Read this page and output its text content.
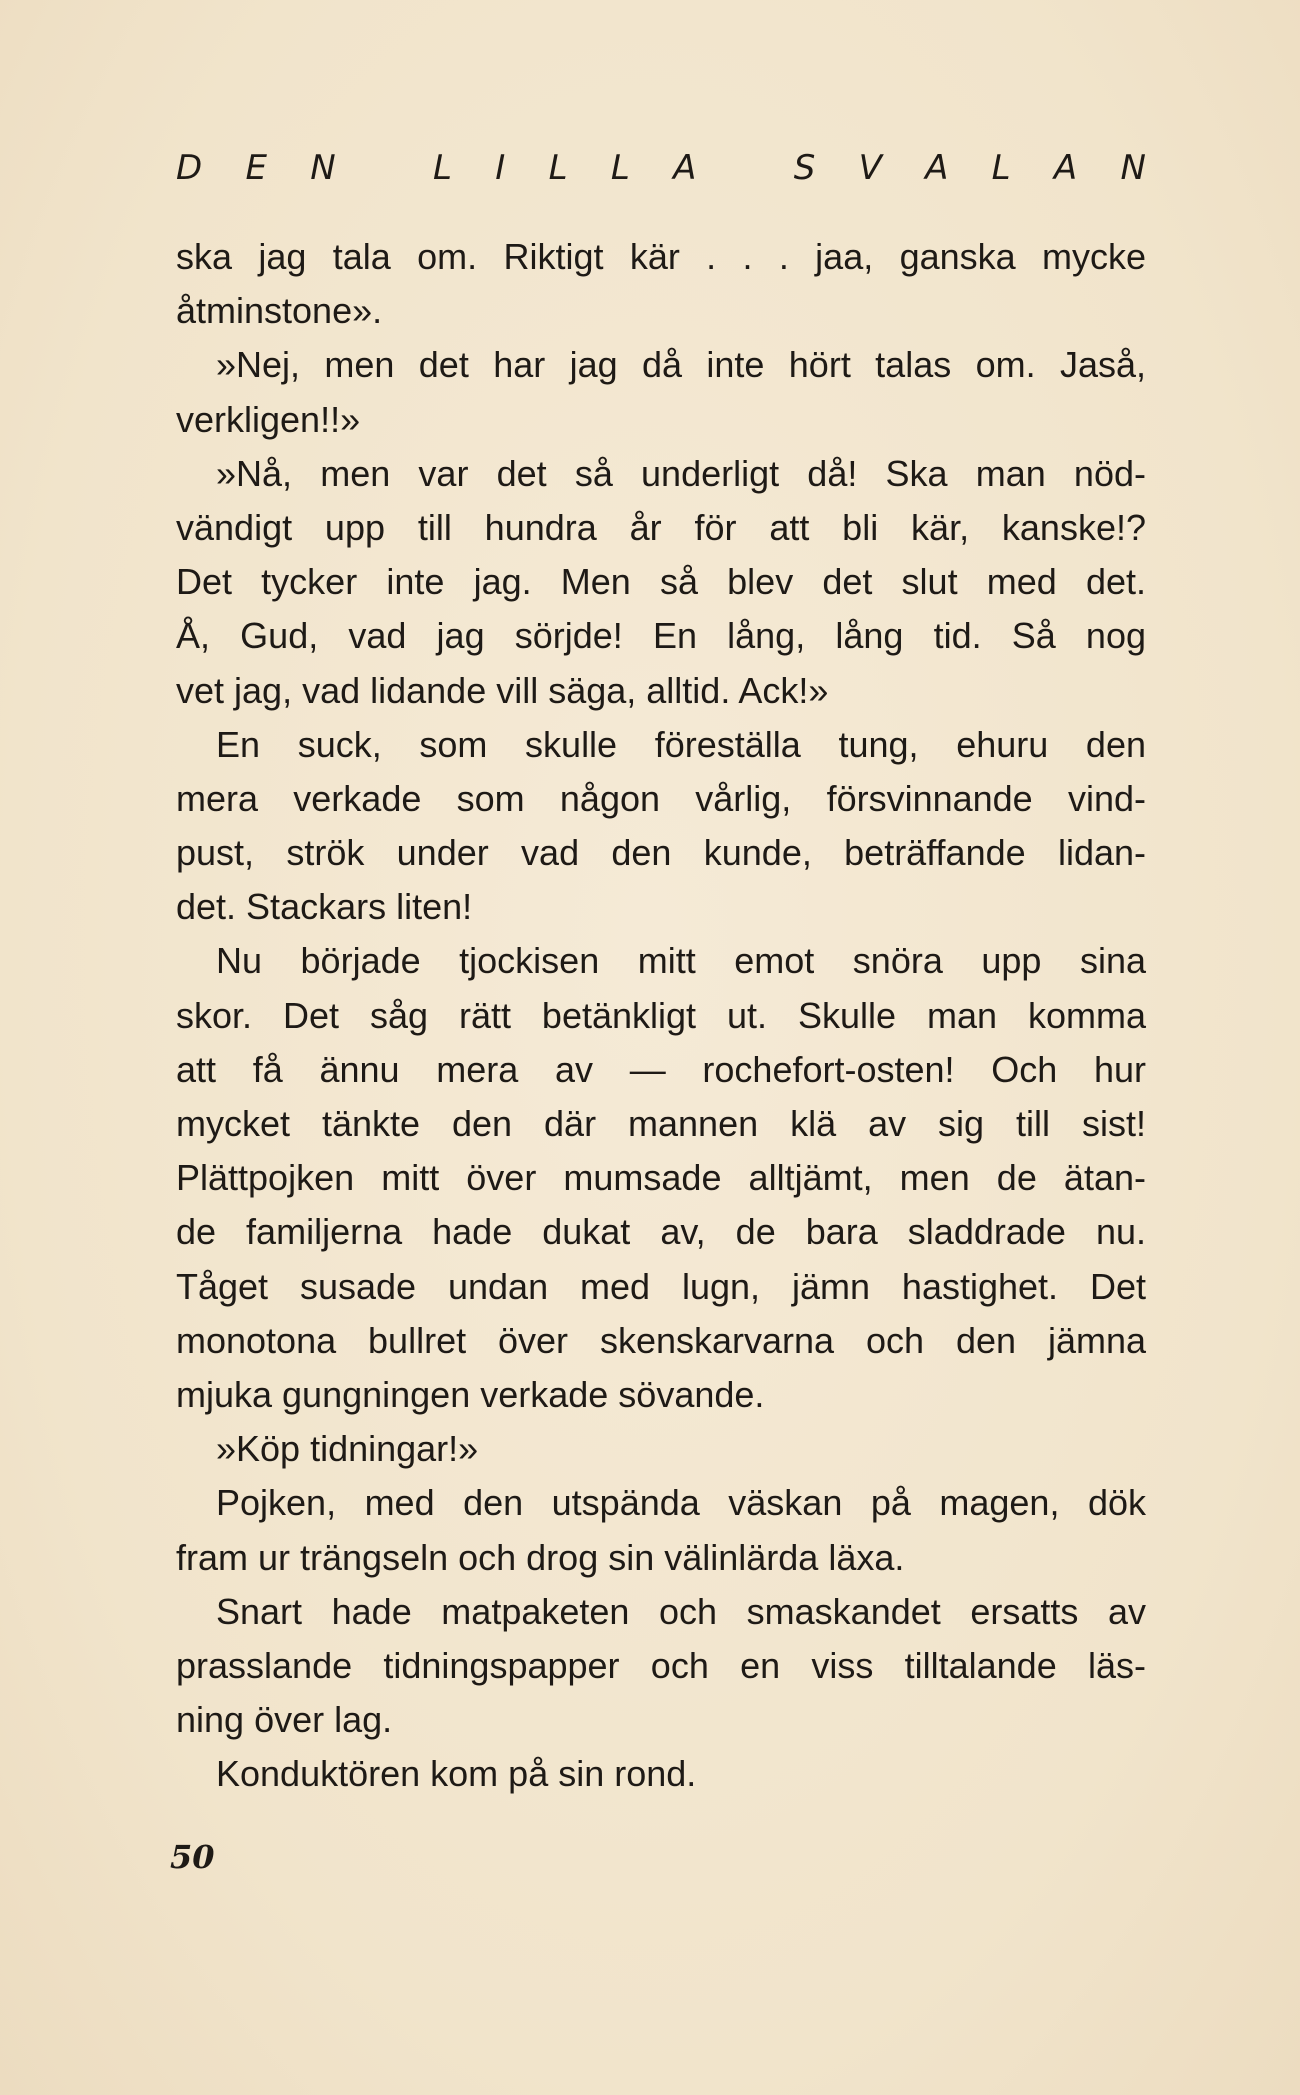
D E N
	L I L L A
	S V A L A N
ska jag tala om. Riktigt kär . . . jaa, ganska mycke
åtminstone».
»Nej, men det har jag då inte hört talas om. Jaså,
verkligen!!»
»Nå, men var det så underligt då! Ska man nöd-
vändigt upp till hundra år för att bli kär, kanske!?
Det tycker inte jag. Men så blev det slut med det.
Å, Gud, vad jag sörjde! En lång, lång tid. Så nog
vet jag, vad lidande vill säga, alltid. Ack!»
En suck, som skulle föreställa tung, ehuru den
mera verkade som någon vårlig, försvinnande vind-
pust, strök under vad den kunde, beträffande lidan-
det. Stackars liten!
Nu började tjockisen mitt emot snöra upp sina
skor. Det såg rätt betänkligt ut. Skulle man komma
att få ännu mera av — rochefort-osten! Och hur
mycket tänkte den där mannen klä av sig till sist!
Plättpojken mitt över mumsade alltjämt, men de ätan-
de familjerna hade dukat av, de bara sladdrade nu.
Tåget susade undan med lugn, jämn hastighet. Det
monotona bullret över skenskarvarna och den jämna
mjuka gungningen verkade sövande.
»Köp tidningar!»
Pojken, med den utspända väskan på magen, dök
fram ur trängseln och drog sin välinlärda läxa.
Snart hade matpaketen och smaskandet ersatts av
prasslande tidningspapper och en viss tilltalande läs-
ning över lag.
Konduktören kom på sin rond.
50
